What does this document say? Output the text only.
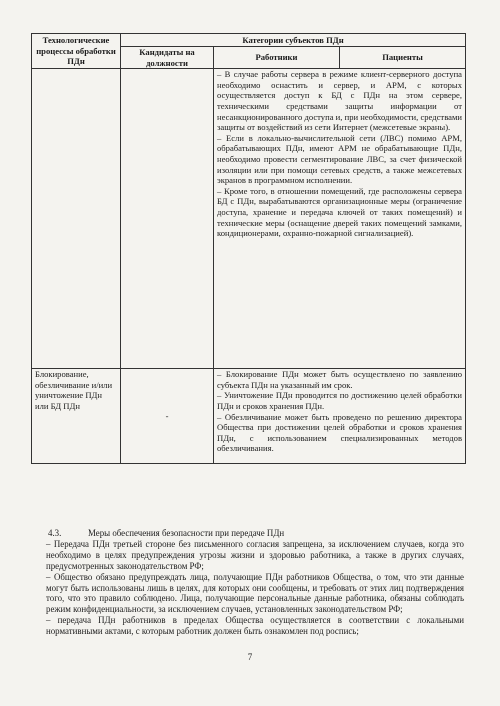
Технологические процессы обработки ПДн	Категории субъектов ПДн		
	Кандидаты на должности	Работники	Пациенты

		– В случае работы сервера в режиме клиент-серверного доступа необходимо оснастить и сервер, и АРМ, с которых осуществляется доступ к БД с ПДн на этом сервере, техническими средствами защиты информации от несанкционированного доступа и, при необходимости, средствами защиты от воздействий из сети Интернет (межсетевые экраны).

– Если в локально-вычислительной сети (ЛВС) помимо АРМ, обрабатывающих ПДн, имеют АРМ не обрабатывающие ПДн, необходимо провести сегментирование ЛВС, за счет физической изоляции или при помощи сетевых средств, а также межсетевых экранов в программном исполнении.

– Кроме того, в отношении помещений, где расположены сервера БД с ПДн, вырабатываются организационные меры (ограничение доступа, хранение и передача ключей от таких помещений) и технические меры (оснащение дверей таких помещений замками, кондиционерами, охранно-пожарной сигнализацией).	

Блокирование, обезличивание и/или уничтожение ПДн или БД ПДн	-	– Блокирование ПДн может быть осуществлено по заявлению субъекта ПДн на указанный им срок.

– Уничтожение ПДн проводится по достижению целей обработки ПДн и сроков хранения ПДн.

– Обезличивание может быть проведено по решению директора Общества при достижении целей обработки и сроков хранения ПДн, с использованием специализированных методов обезличивания.	

4.3.	Меры обеспечения безопасности при передаче ПДн

– Передача ПДн третьей стороне без письменного согласия запрещена, за исключением случаев, когда это необходимо в целях предупреждения угрозы жизни и здоровью работника, а также в других случаях, предусмотренных законодательством РФ;

– Общество обязано предупреждать лица, получающие ПДн работников Общества, о том, что эти данные могут быть использованы лишь в целях, для которых они сообщены, и требовать от этих лиц подтверждения того, что это правило соблюдено. Лица, получающие персональные данные работника, обязаны соблюдать режим конфиденциальности, за исключением случаев, установленных законодательством РФ;

– передача ПДн работников в пределах Общества осуществляется в соответствии с локальными нормативными актами, с которым работник должен быть ознакомлен под роспись;

7
